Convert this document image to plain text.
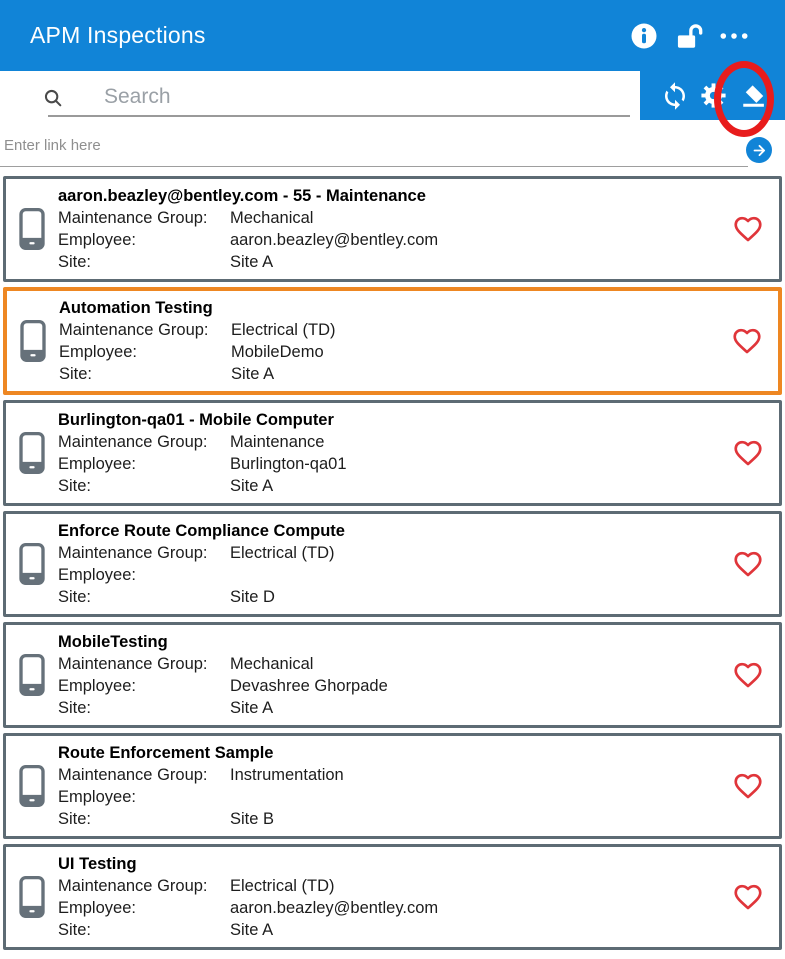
APM Inspections
Search
Enter link here
aaron.beazley@bentley.com - 55 - Maintenance
Maintenance Group:	Mechanical
Employee:	aaron.beazley@bentley.com
Site:	Site A
Automation Testing
Maintenance Group:	Electrical (TD)
Employee:	MobileDemo
Site:	Site A
Burlington-qa01 - Mobile Computer
Maintenance Group:	Maintenance
Employee:	Burlington-qa01
Site:	Site A
Enforce Route Compliance Compute
Maintenance Group:	Electrical (TD)
Employee:
Site:	Site D
MobileTesting
Maintenance Group:	Mechanical
Employee:	Devashree Ghorpade
Site:	Site A
Route Enforcement Sample
Maintenance Group:	Instrumentation
Employee:
Site:	Site B
UI Testing
Maintenance Group:	Electrical (TD)
Employee:	aaron.beazley@bentley.com
Site:	Site A
